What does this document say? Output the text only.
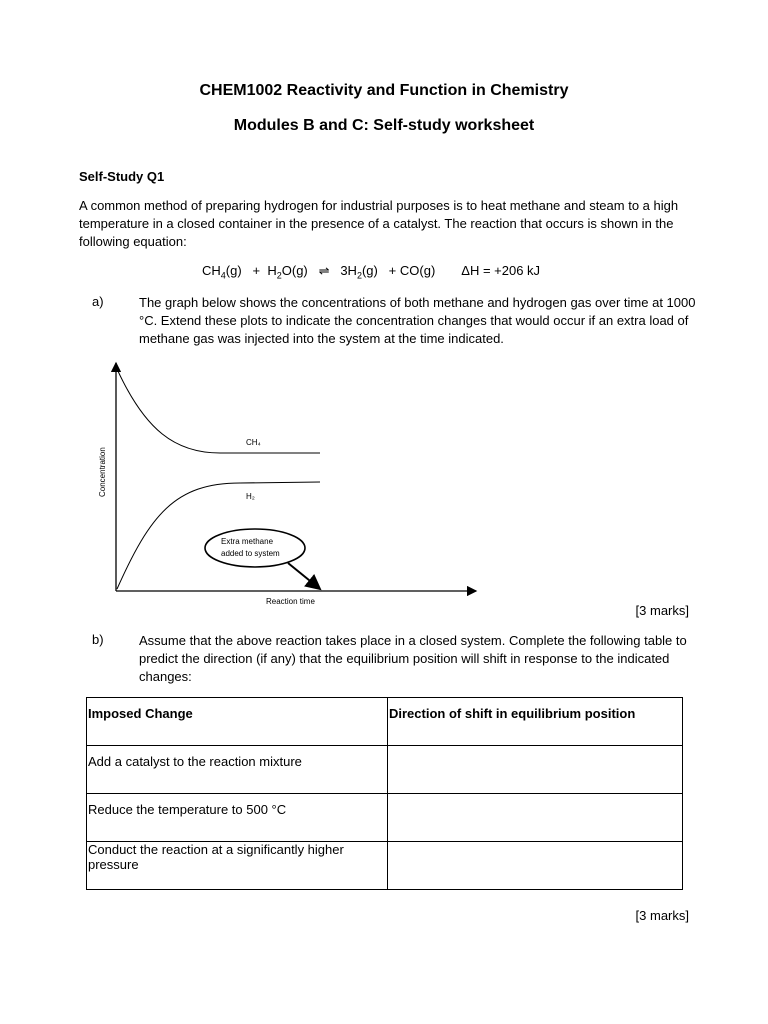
CHEM1002 Reactivity and Function in Chemistry
Modules B and C: Self-study worksheet
Self-Study Q1
A common method of preparing hydrogen for industrial purposes is to heat methane and steam to a high temperature in a closed container in the presence of a catalyst. The reaction that occurs is shown in the following equation:
$CH_4(g) + H_2O(g)$   ⇌   $3H_2(g) + CO(g) \Delta H = +206$ kJ
a)	The graph below shows the concentrations of both methane and hydrogen gas over time at 1000 °C. Extend these plots to indicate the concentration changes that would occur if an extra load of methane gas was injected into the system at the time indicated.
CH₄
H₂
Concentration
Reaction time
Extra methane
added to system
[3 marks]
b)	Assume that the above reaction takes place in a closed system. Complete the following table to predict the direction (if any) that the equilibrium position will shift in response to the indicated changes:
Imposed Change	Direction of shift in equilibrium position
Add a catalyst to the reaction mixture	
Reduce the temperature to 500 °C	
Conduct the reaction at a significantly higher pressure	
[3 marks]
